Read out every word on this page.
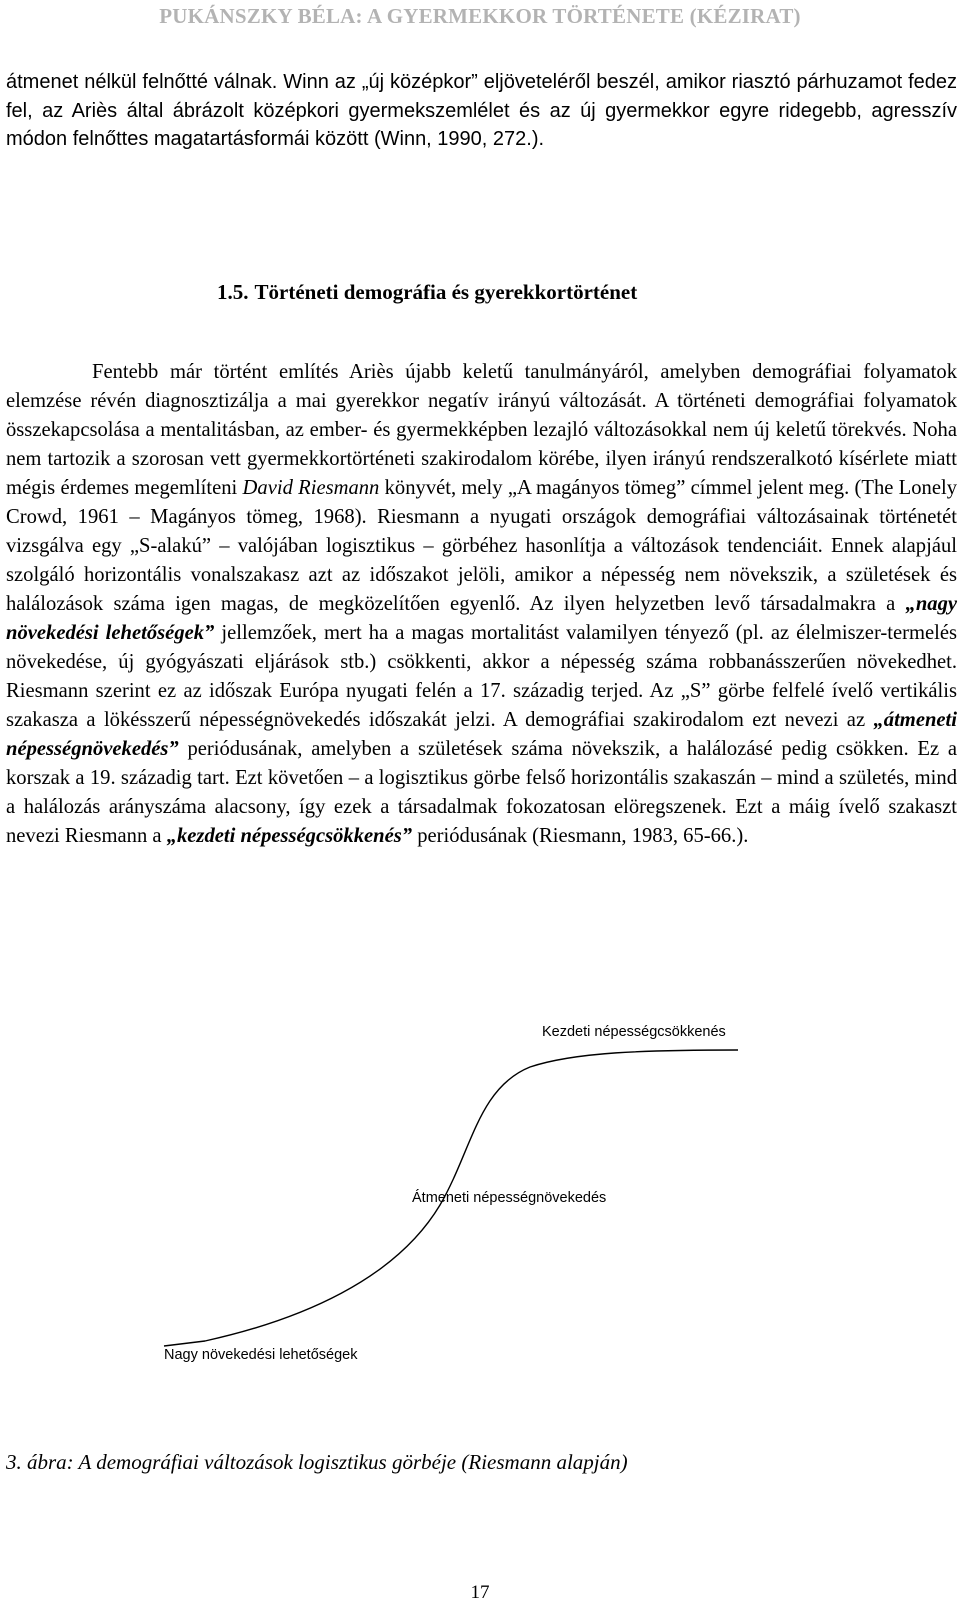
PUKÁNSZKY BÉLA: A GYERMEKKOR TÖRTÉNETE (KÉZIRAT)

átmenet nélkül felnőtté válnak. Winn az „új középkor” eljöveteléről beszél, amikor riasztó párhuzamot fedez fel, az Ariès által ábrázolt középkori gyermekszemlélet és az új gyermekkor egyre ridegebb, agresszív módon felnőttes magatartásformái között (Winn, 1990, 272.).

1.5. Történeti demográfia és gyerekkortörténet

Fentebb már történt említés Ariès újabb keletű tanulmányáról, amelyben demográfiai folyamatok elemzése révén diagnosztizálja a mai gyerekkor negatív irányú változását. A történeti demográfiai folyamatok összekapcsolása a mentalitásban, az ember- és gyermekképben lezajló változásokkal nem új keletű törekvés. Noha nem tartozik a szorosan vett gyermekkortörténeti szakirodalom körébe, ilyen irányú rendszeralkotó kísérlete miatt mégis érdemes megemlíteni David Riesmann könyvét, mely „A magányos tömeg” címmel jelent meg. (The Lonely Crowd, 1961 – Magányos tömeg, 1968). Riesmann a nyugati országok demográfiai változásainak történetét vizsgálva egy „S-alakú” – valójában logisztikus – görbéhez hasonlítja a változások tendenciáit. Ennek alapjául szolgáló horizontális vonalszakasz azt az időszakot jelöli, amikor a népesség nem növekszik, a születések és halálozások száma igen magas, de megközelítően egyenlő. Az ilyen helyzetben levő társadalmakra a „nagy növekedési lehetőségek” jellemzőek, mert ha a magas mortalitást valamilyen tényező (pl. az élelmiszer-termelés növekedése, új gyógyászati eljárások stb.) csökkenti, akkor a népesség száma robbanásszerűen növekedhet. Riesmann szerint ez az időszak Európa nyugati felén a 17. századig terjed. Az „S” görbe felfelé ívelő vertikális szakasza a lökésszerű népességnövekedés időszakát jelzi. A demográfiai szakirodalom ezt nevezi az „átmeneti népességnövekedés” periódusának, amelyben a születések száma növekszik, a halálozásé pedig csökken. Ez a korszak a 19. századig tart. Ezt követően – a logisztikus görbe felső horizontális szakaszán – mind a születés, mind a halálozás arányszáma alacsony, így ezek a társadalmak fokozatosan elöregszenek. Ezt a máig ívelő szakaszt nevezi Riesmann a „kezdeti népességcsökkenés” periódusának (Riesmann, 1983, 65-66.).

Kezdeti népességcsökkenés
Átmeneti népességnövekedés
Nagy növekedési lehetőségek
3. ábra: A demográfiai változások logisztikus görbéje (Riesmann alapján)
17
